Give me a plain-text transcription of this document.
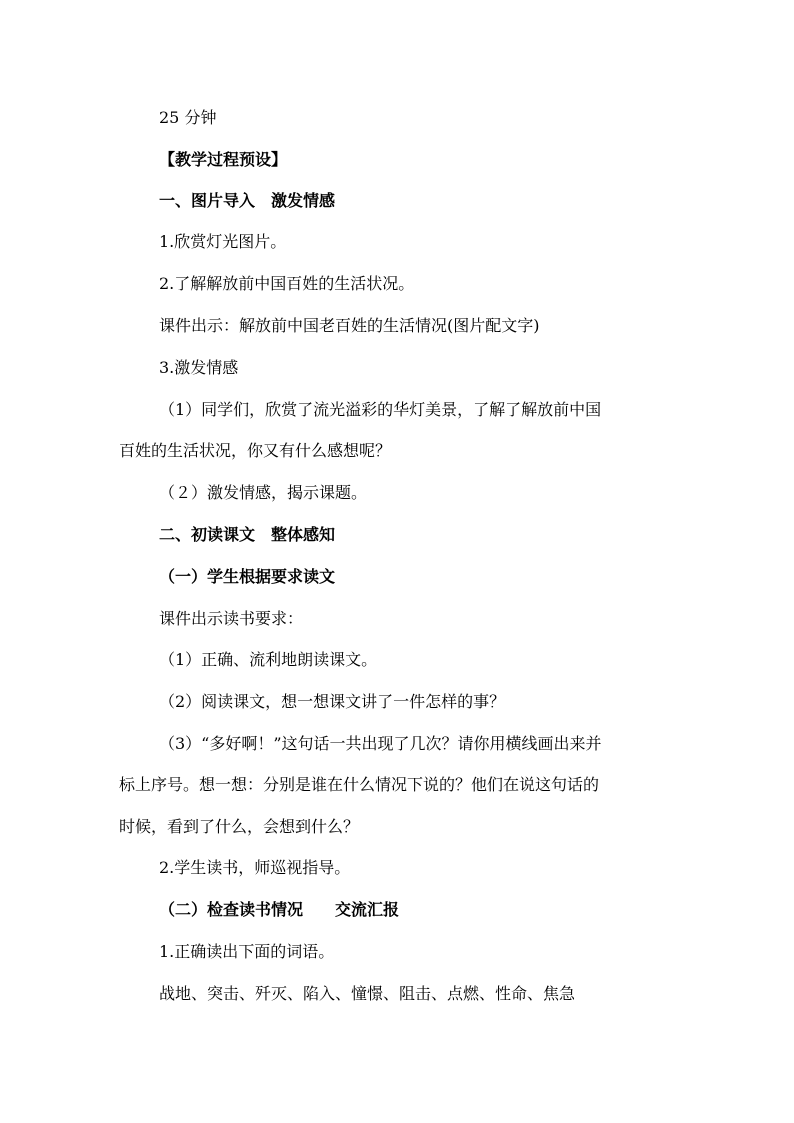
25 分钟
【教学过程预设】
一、图片导入　激发情感
1.欣赏灯光图片。
2.了解解放前中国百姓的生活状况。
课件出示：解放前中国老百姓的生活情况(图片配文字)
3.激发情感
（1）同学们，欣赏了流光溢彩的华灯美景，了解了解放前中国
百姓的生活状况，你又有什么感想呢？
（２）激发情感，揭示课题。
二、初读课文　整体感知
（一）学生根据要求读文
课件出示读书要求：
（1）正确、流利地朗读课文。
（2）阅读课文，想一想课文讲了一件怎样的事？
（3）“多好啊！”这句话一共出现了几次？请你用横线画出来并
标上序号。想一想：分别是谁在什么情况下说的？他们在说这句话的
时候，看到了什么，会想到什么？
2.学生读书，师巡视指导。
（二）检查读书情况　　交流汇报
1.正确读出下面的词语。
战地、突击、歼灭、陷入、憧憬、阻击、点燃、性命、焦急
